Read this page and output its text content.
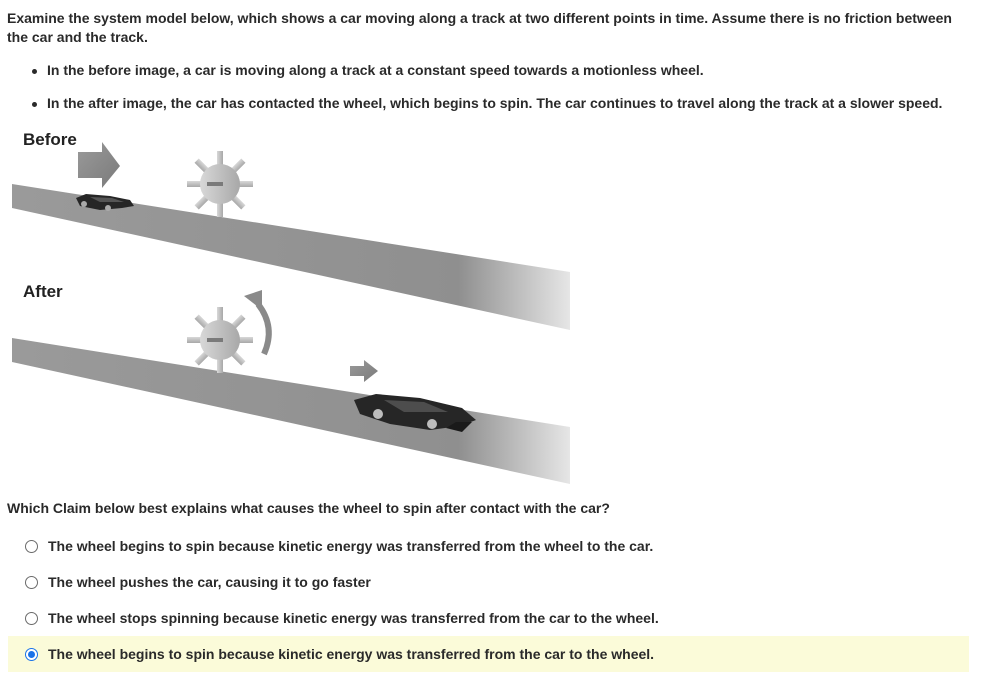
Examine the system model below, which shows a car moving along a track at two different points in time. Assume there is no friction between the car and the track.
In the before image, a car is moving along a track at a constant speed towards a motionless wheel.
In the after image, the car has contacted the wheel, which begins to spin. The car continues to travel along the track at a slower speed.
Before
After
Which Claim below best explains what causes the wheel to spin after contact with the car?
The wheel begins to spin because kinetic energy was transferred from the wheel to the car.
The wheel pushes the car, causing it to go faster
The wheel stops spinning because kinetic energy was transferred from the car to the wheel.
The wheel begins to spin because kinetic energy was transferred from the car to the wheel.
